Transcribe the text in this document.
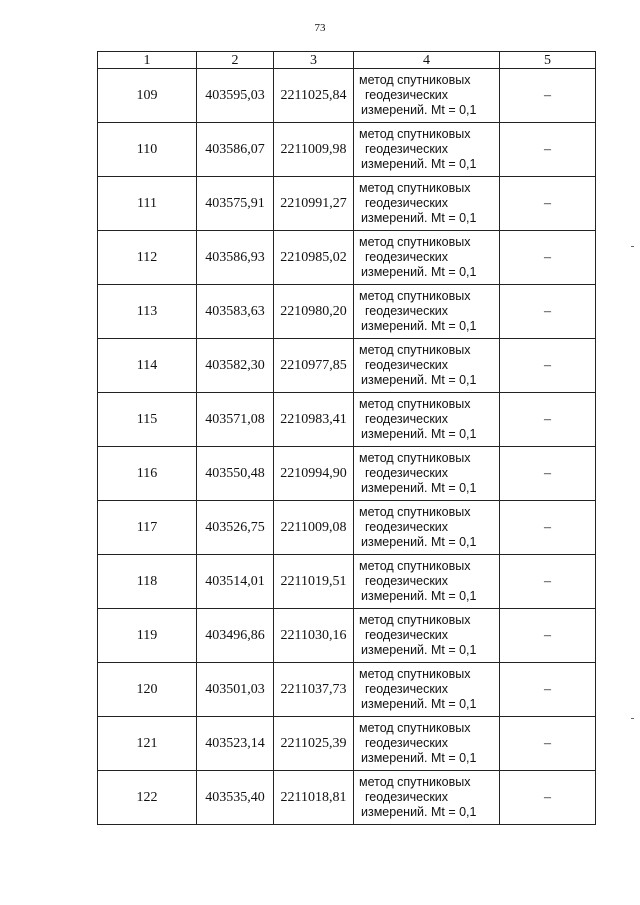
73
1	2	3	4	5
109	403595,03	2211025,84	метод спутниковых
геодезических
измерений. Mt = 0,1	–
110	403586,07	2211009,98	метод спутниковых
геодезических
измерений. Mt = 0,1	–
111	403575,91	2210991,27	метод спутниковых
геодезических
измерений. Mt = 0,1	–
112	403586,93	2210985,02	метод спутниковых
геодезических
измерений. Mt = 0,1	–
113	403583,63	2210980,20	метод спутниковых
геодезических
измерений. Mt = 0,1	–
114	403582,30	2210977,85	метод спутниковых
геодезических
измерений. Mt = 0,1	–
115	403571,08	2210983,41	метод спутниковых
геодезических
измерений. Mt = 0,1	–
116	403550,48	2210994,90	метод спутниковых
геодезических
измерений. Mt = 0,1	–
117	403526,75	2211009,08	метод спутниковых
геодезических
измерений. Mt = 0,1	–
118	403514,01	2211019,51	метод спутниковых
геодезических
измерений. Mt = 0,1	–
119	403496,86	2211030,16	метод спутниковых
геодезических
измерений. Mt = 0,1	–
120	403501,03	2211037,73	метод спутниковых
геодезических
измерений. Mt = 0,1	–
121	403523,14	2211025,39	метод спутниковых
геодезических
измерений. Mt = 0,1	–
122	403535,40	2211018,81	метод спутниковых
геодезических
измерений. Mt = 0,1	–
